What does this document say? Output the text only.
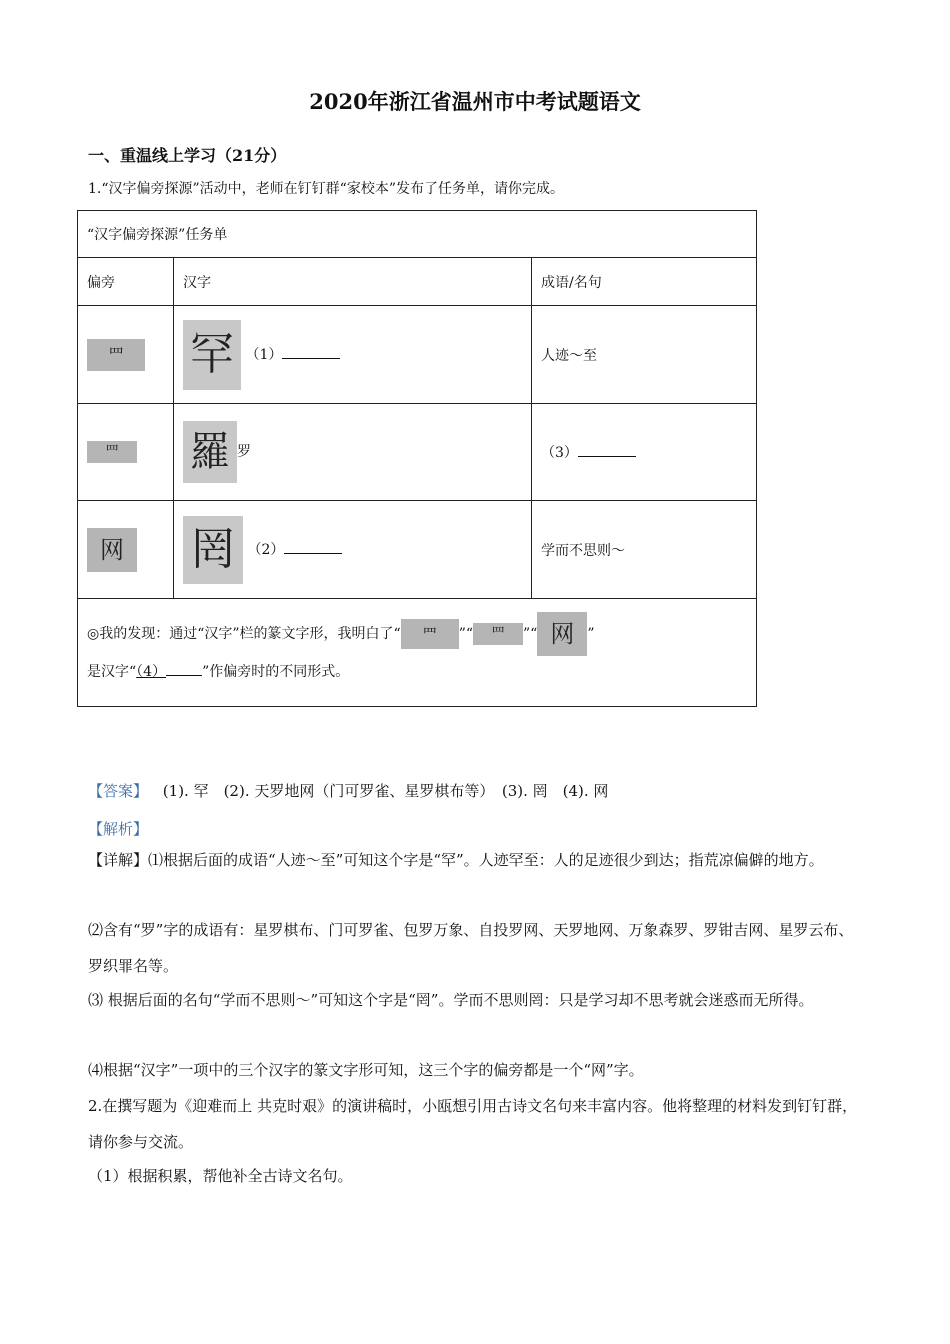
2020年浙江省温州市中考试题语文
一、重温线上学习（21分）
1.“汉字偏旁探源”活动中，老师在钉钉群“家校本”发布了任务单，请你完成。
“汉字偏旁探源”任务单		
偏旁	汉字	成语/名句
罒	罕 （1）	人迹～至
罒	羅 罗	（3）
网	罔 （2）	学而不思则～

◎我的发现：通过“汉字”栏的篆文字形，我明白了“ 罒 ”“ 罒 ”“ 网 ”
是汉字“（4） ”作偏旁时的不同形式。		
【答案】 (1). 罕　(2). 天罗地网（门可罗雀、星罗棋布等）　(3). 罔　(4). 网
【解析】
【详解】⑴根据后面的成语“人迹～至”可知这个字是“罕”。人迹罕至：人的足迹很少到达；指荒凉偏僻的地方。
⑵含有“罗”字的成语有：星罗棋布、门可罗雀、包罗万象、自投罗网、天罗地网、万象森罗、罗钳吉网、星罗云布、罗织罪名等。
⑶ 根据后面的名句“学而不思则～”可知这个字是“罔”。学而不思则罔：只是学习却不思考就会迷惑而无所得。
⑷根据“汉字”一项中的三个汉字的篆文字形可知，这三个字的偏旁都是一个“网”字。
2.在撰写题为《迎难而上 共克时艰》的演讲稿时，小瓯想引用古诗文名句来丰富内容。他将整理的材料发到钉钉群，请你参与交流。
（1）根据积累，帮他补全古诗文名句。
